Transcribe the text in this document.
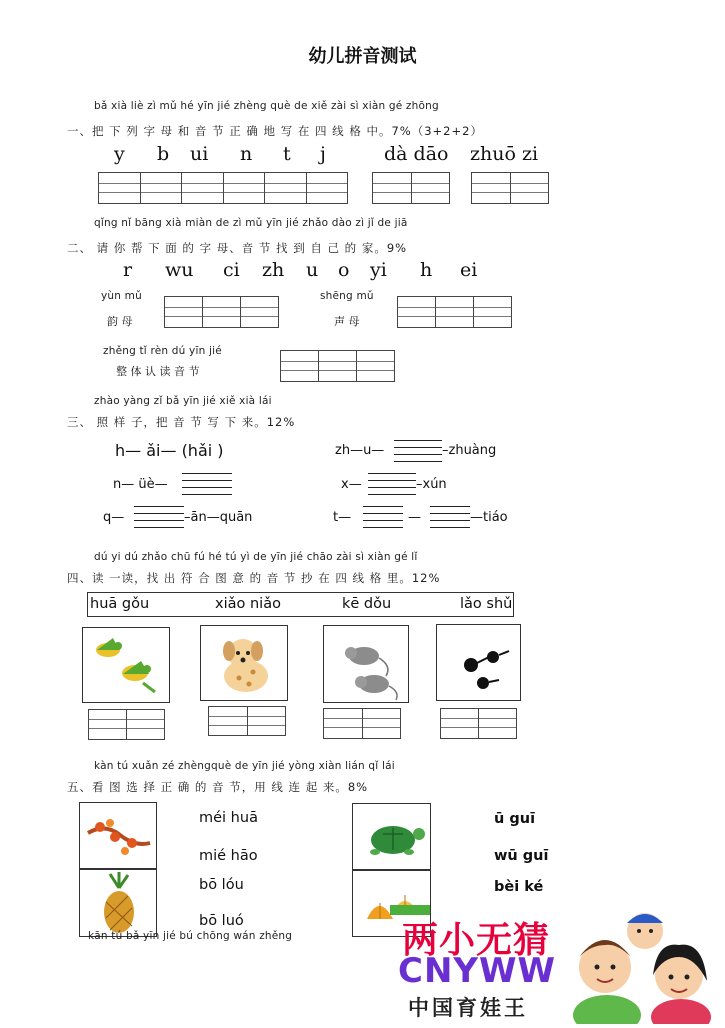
幼儿拼音测试
bǎ xià liè zì mǔ hé yīn jié zhèng què de xiě zài sì xiàn gé zhōng
一、把 下 列 字 母 和 音 节 正 确 地 写 在 四 线 格 中。7%（3+2+2）
y b ui n t j	dà dāo zhuō zi
qǐng nǐ bāng xià miàn de zì mǔ yīn jié zhǎo dào zì jǐ de jiā
二、 请 你 帮 下 面 的 字 母、音 节 找 到 自 己 的 家。9%
r wu ci zh u o yi h ei
yùn mǔ
韵 母
shēng mǔ
声 母
zhěng tǐ rèn dú yīn jié
整 体 认 读 音 节
zhào yàng zǐ bǎ yīn jié xiě xià lái
三、 照 样 子，把 音 节 写 下 来。12%
h— ǎi— (hǎi )	zh—u—	–zhuàng
n— üè—	x—	–xún
q—	–ān—quān	t—	—	—tiáo
dú yi dú zhǎo chū fú hé tú yì de yīn jié chāo zài sì xiàn gé lǐ
四、读 一读，找 出 符 合 图 意 的 音 节 抄 在 四 线 格 里。12%
huā gǒu	xiǎo niǎo	kē dǒu	lǎo shǔ
kàn tú xuǎn zé zhèngquè de yīn jié yòng xiàn lián qǐ lái
五、看 图 选 择 正 确 的 音 节，用 线 连 起 来。8%
méi huā
mié hāo
bō lóu
bō luó
ū guī
wū guī
bèi ké
kān tú bǎ yīn jié bú chōng wán zhěng	两小无猜
CNYWW
中国育娃王
